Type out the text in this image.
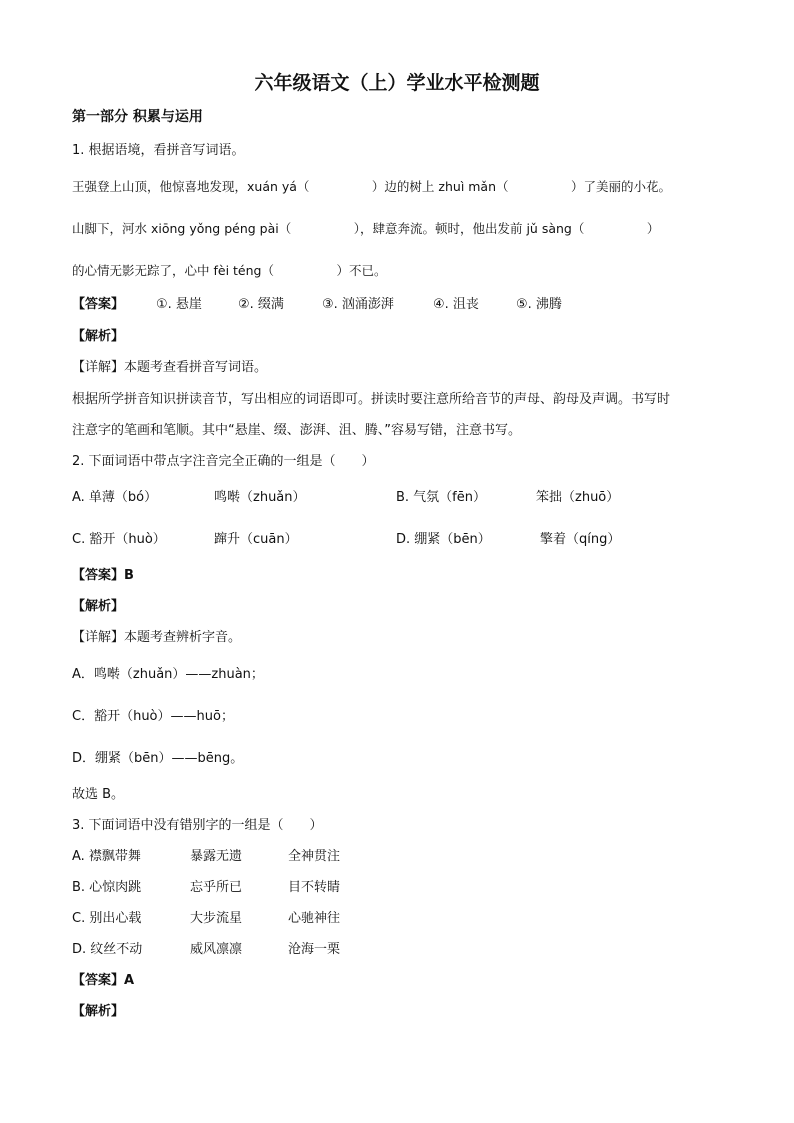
六年级语文（上）学业水平检测题
第一部分 积累与运用
1. 根据语境，看拼音写词语。
王强登上山顶，他惊喜地发现，xuán yá（　　　　　）边的树上 zhuì mǎn（　　　　　）了美丽的小花。
山脚下，河水 xiōng yǒng péng pài（　　　　　），肆意奔流。顿时，他出发前 jǔ sàng（　　　　　）
的心情无影无踪了，心中 fèi téng（　　　　　）不已。
【答案】 ①. 悬崖	②. 缀满	③. 汹涌澎湃	④. 沮丧	⑤. 沸腾
【解析】
【详解】本题考查看拼音写词语。
根据所学拼音知识拼读音节，写出相应的词语即可。拼读时要注意所给音节的声母、韵母及声调。书写时
注意字的笔画和笔顺。其中“悬崖、缀、澎湃、沮、腾、”容易写错，注意书写。
2. 下面词语中带点字注音完全正确的一组是（　　）
A. 单薄（bó）	鸣啭（zhuǎn）	B. 气氛（fēn）	笨拙（zhuō）
C. 豁开（huò）	蹿升（cuān）	D. 绷紧（bēn）	擎着（qíng）
【答案】B
【解析】
【详解】本题考查辨析字音。
A．鸣啭（zhuǎn）——zhuàn；
C．豁开（huò）——huō；
D．绷紧（bēn）——bēng。
故选 B。
3. 下面词语中没有错别字的一组是（　　）
A. 襟飘带舞	暴露无遗	全神贯注
B. 心惊肉跳	忘乎所已	目不转睛
C. 别出心载	大步流星	心驰神往
D. 纹丝不动	威风凛凛	沧海一栗
【答案】A
【解析】
